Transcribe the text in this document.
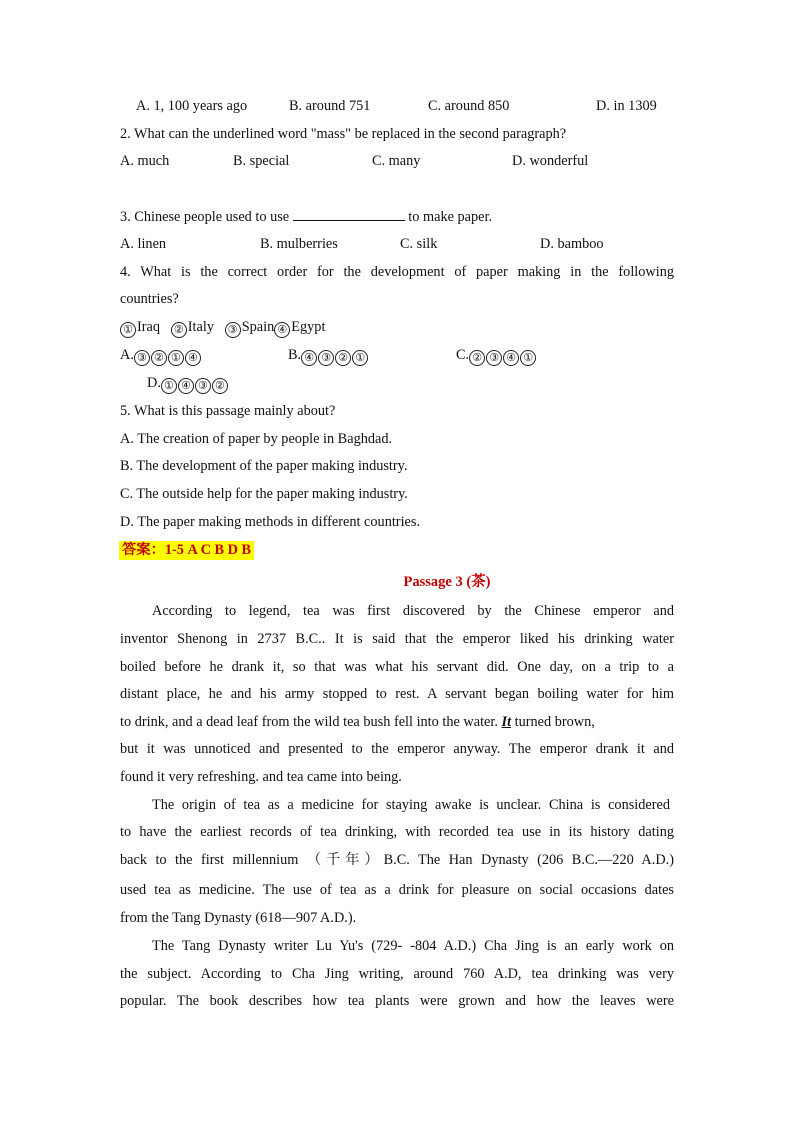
A. 1, 100 years ago	B. around 751	C. around 850	D. in 1309
2. What can the underlined word "mass" be replaced in the second paragraph?
A. much	B. special	C. many	D. wonderful
3. Chinese people used to use	to make paper.
A. linen	B. mulberries	C. silk	D. bamboo
4. What is the correct order for the development of paper making in the following
countries?
① Iraq ② Italy ③ Spain ④ Egypt
A. ③ ② ① ④	B. ④ ③ ② ①	C. ② ③ ④ ①
D. ① ④ ③ ②
5. What is this passage mainly about?
A. The creation of paper by people in Baghdad.
B. The development of the paper making industry.
C. The outside help for the paper making industry.
D. The paper making methods in different countries.
答案：1-5 A C B D B
Passage 3 (茶)
According to legend, tea was first discovered by the Chinese emperor and
inventor Shenong in 2737 B.C.. It is said that the emperor liked his drinking water
boiled before he drank it, so that was what his servant did. One day, on a trip to a
distant place, he and his army stopped to rest. A servant began boiling water for him
to drink, and a dead leaf from the wild tea bush fell into the water. It turned brown,
but it was unnoticed and presented to the emperor anyway. The emperor drank it and
found it very refreshing. and tea came into being.
The origin of tea as a medicine for staying awake is unclear. China is considered
to have the earliest records of tea drinking, with recorded tea use in its history dating
back to the first millennium （千年）B.C. The Han Dynasty (206 B.C.—220 A.D.)
used tea as medicine. The use of tea as a drink for pleasure on social occasions dates
from the Tang Dynasty (618—907 A.D.).
The Tang Dynasty writer Lu Yu's (729- -804 A.D.) Cha Jing is an early work on
the subject. According to Cha Jing writing, around 760 A.D, tea drinking was very
popular. The book describes how tea plants were grown and how the leaves were
